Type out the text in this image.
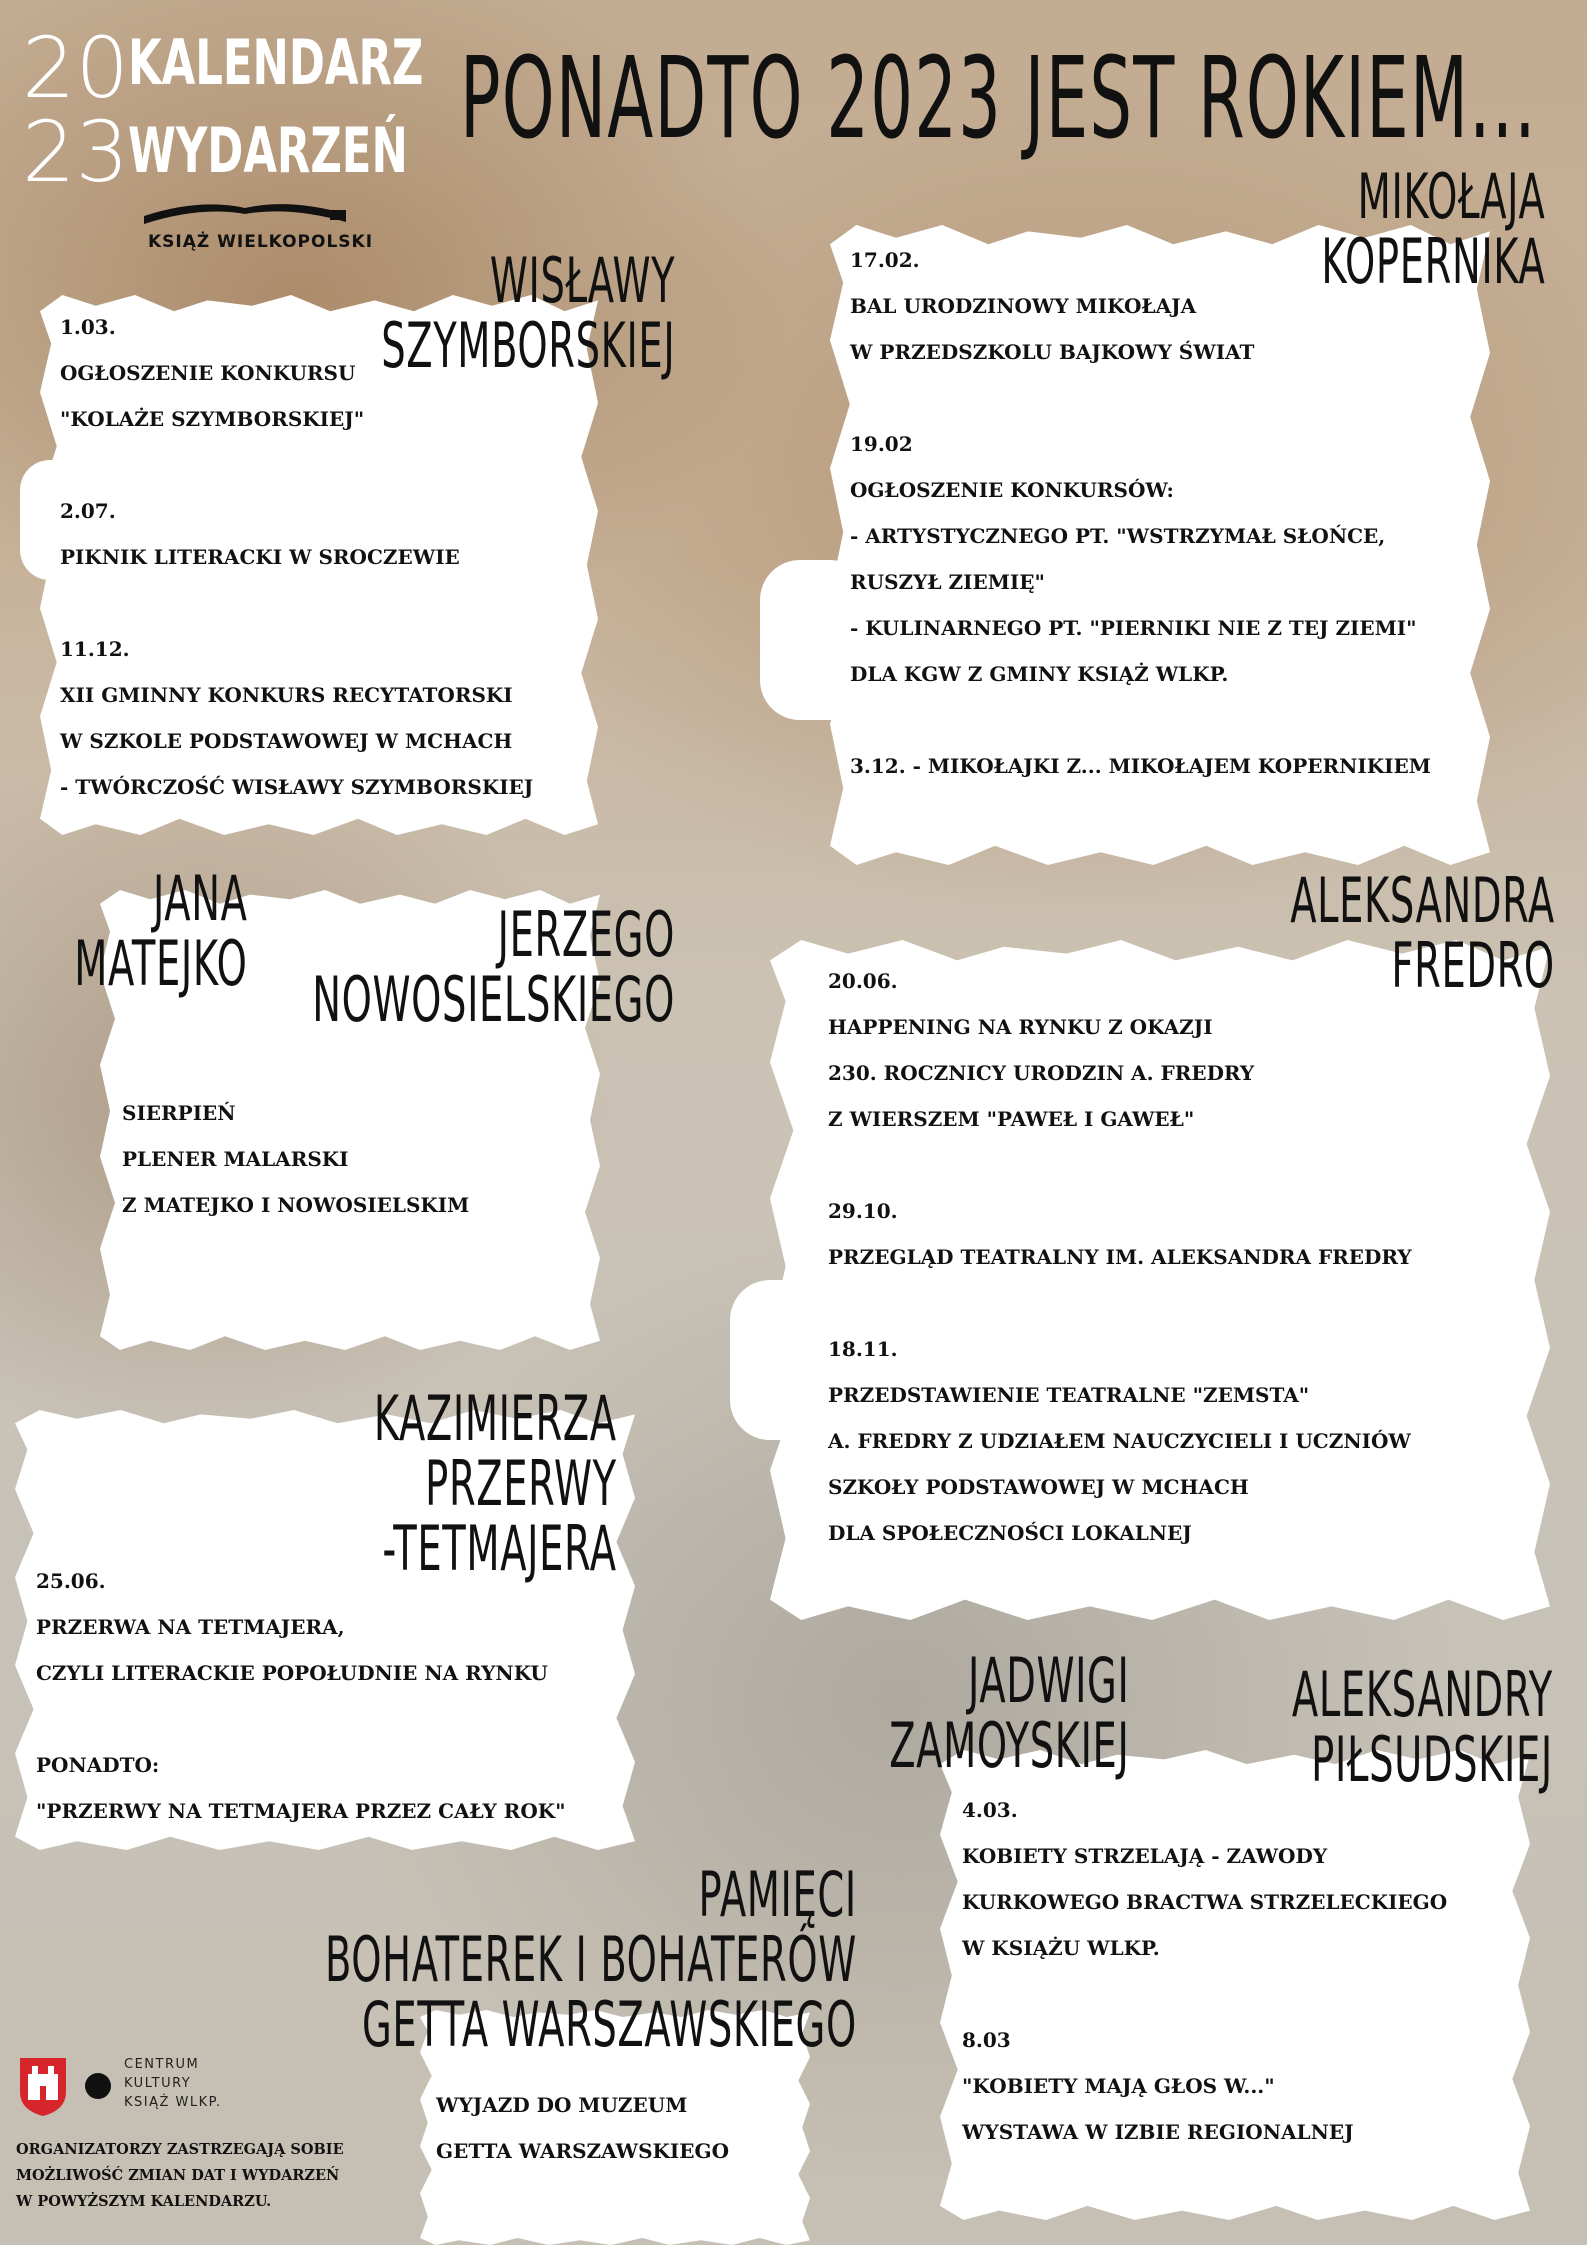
20
23
KALENDARZ
WYDARZEŃ
KSIĄŻ WIELKOPOLSKI
PONADTO 2023 JEST ROKIEM...
WISŁAWY
SZYMBORSKIEJ
1.03.
OGŁOSZENIE KONKURSU
"KOLAŻE SZYMBORSKIEJ"
2.07.
PIKNIK LITERACKI W SROCZEWIE
11.12.
XII GMINNY KONKURS RECYTATORSKI
W SZKOLE PODSTAWOWEJ W MCHACH
- TWÓRCZOŚĆ WISŁAWY SZYMBORSKIEJ
MIKOŁAJA
KOPERNIKA
17.02.
BAL URODZINOWY MIKOŁAJA
W PRZEDSZKOLU BAJKOWY ŚWIAT
19.02
OGŁOSZENIE KONKURSÓW:
- ARTYSTYCZNEGO PT. "WSTRZYMAŁ SŁOŃCE,
RUSZYŁ ZIEMIĘ"
- KULINARNEGO PT. "PIERNIKI NIE Z TEJ ZIEMI"
DLA KGW Z GMINY KSIĄŻ WLKP.
3.12. - MIKOŁAJKI Z... MIKOŁAJEM KOPERNIKIEM
JANA
MATEJKO	JERZEGO
NOWOSIELSKIEGO
SIERPIEŃ
PLENER MALARSKI
Z MATEJKO I NOWOSIELSKIM
ALEKSANDRA
FREDRO
20.06.
HAPPENING NA RYNKU Z OKAZJI
230. ROCZNICY URODZIN A. FREDRY
Z WIERSZEM "PAWEŁ I GAWEŁ"
29.10.
PRZEGLĄD TEATRALNY IM. ALEKSANDRA FREDRY
18.11.
PRZEDSTAWIENIE TEATRALNE "ZEMSTA"
A. FREDRY Z UDZIAŁEM NAUCZYCIELI I UCZNIÓW
SZKOŁY PODSTAWOWEJ W MCHACH
DLA SPOŁECZNOŚCI LOKALNEJ
KAZIMIERZA
PRZERWY
-TETMAJERA
25.06.
PRZERWA NA TETMAJERA,
CZYLI LITERACKIE POPOŁUDNIE NA RYNKU
PONADTO:
"PRZERWY NA TETMAJERA PRZEZ CAŁY ROK"
JADWIGI
ZAMOYSKIEJ
ALEKSANDRY
PIŁSUDSKIEJ
4.03.
KOBIETY STRZELAJĄ - ZAWODY
KURKOWEGO BRACTWA STRZELECKIEGO
W KSIĄŻU WLKP.
8.03
"KOBIETY MAJĄ GŁOS W..."
WYSTAWA W IZBIE REGIONALNEJ
PAMIĘCI
BOHATEREK I BOHATERÓW
GETTA WARSZAWSKIEGO
WYJAZD DO MUZEUM
GETTA WARSZAWSKIEGO
CENTRUM
KULTURY
KSIĄŻ WLKP.
ORGANIZATORZY ZASTRZEGAJĄ SOBIE
MOŻLIWOŚĆ ZMIAN DAT I WYDARZEŃ
W POWYŻSZYM KALENDARZU.
